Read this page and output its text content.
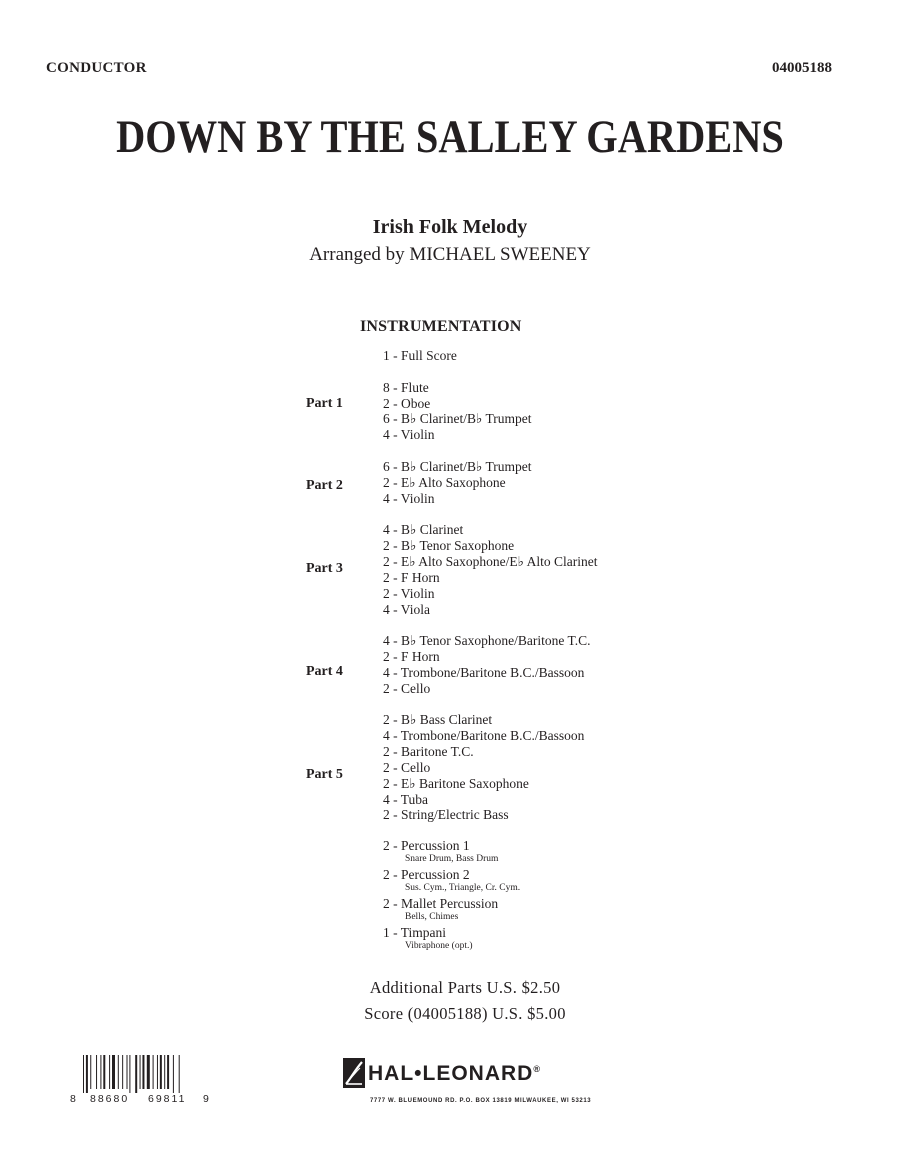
CONDUCTOR	04005188
DOWN BY THE SALLEY GARDENS
Irish Folk Melody
Arranged by MICHAEL SWEENEY
INSTRUMENTATION
1 - Full Score
8 - Flute
2 - Oboe
6 - B♭ Clarinet/B♭ Trumpet
4 - Violin
6 - B♭ Clarinet/B♭ Trumpet
2 - E♭ Alto Saxophone
4 - Violin
4 - B♭ Clarinet
2 - B♭ Tenor Saxophone
2 - E♭ Alto Saxophone/E♭ Alto Clarinet
2 - F Horn
2 - Violin
4 - Viola
4 - B♭ Tenor Saxophone/Baritone T.C.
2 - F Horn
4 - Trombone/Baritone B.C./Bassoon
2 - Cello
2 - B♭ Bass Clarinet
4 - Trombone/Baritone B.C./Bassoon
2 - Baritone T.C.
2 - Cello
2 - E♭ Baritone Saxophone
4 - Tuba
2 - String/Electric Bass
2 - Percussion 1
Snare Drum, Bass Drum
2 - Percussion 2
Sus. Cym., Triangle, Cr. Cym.
2 - Mallet Percussion
Bells, Chimes
1 - Timpani
Vibraphone (opt.)
Part 1
Part 2
Part 3
Part 4
Part 5
Additional Parts U.S. $2.50
Score (04005188) U.S. $5.00
8 88680 69811 9
HAL•LEONARD®
7777 W. BLUEMOUND RD. P.O. BOX 13819 MILWAUKEE, WI 53213
